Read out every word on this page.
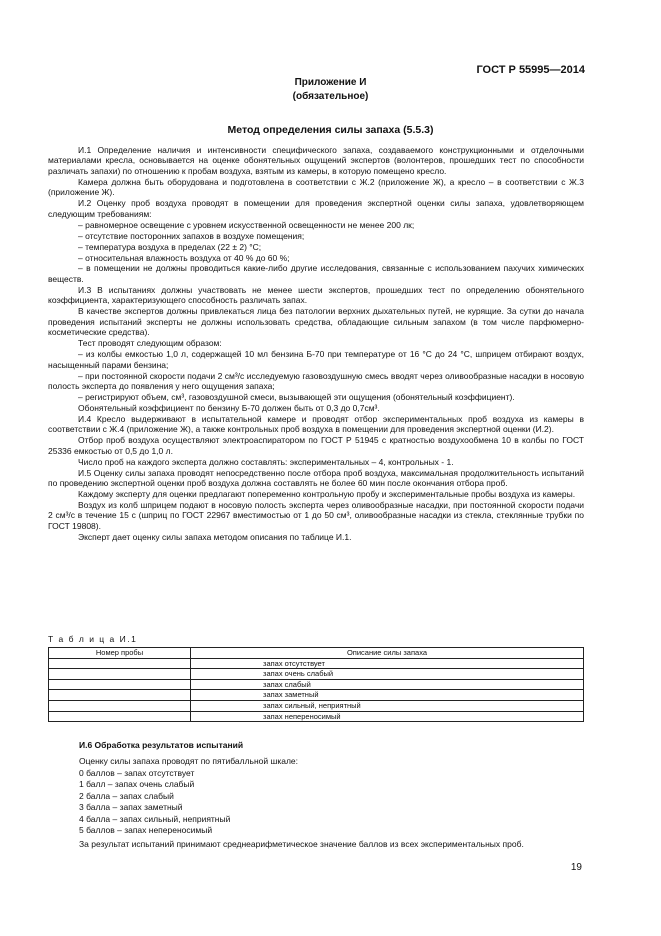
ГОСТ Р 55995—2014
Приложение И
(обязательное)
Метод определения силы запаха (5.5.3)

И.1 Определение наличия и интенсивности специфического запаха, создаваемого конструкционными и отделочными материалами кресла, основывается на оценке обонятельных ощущений экспертов (волонтеров, прошедших тест по способности различать запахи) по отношению к пробам воздуха, взятым из камеры, в которую помещено кресло.

Камера должна быть оборудована и подготовлена в соответствии с Ж.2 (приложение Ж), а кресло – в соответствии с Ж.3 (приложение Ж).

И.2 Оценку проб воздуха проводят в помещении для проведения экспертной оценки силы запаха, удовлетворяющем следующим требованиям:

– равномерное освещение с уровнем искусственной освещенности не менее 200 лк;

– отсутствие посторонних запахов в воздухе помещения;

– температура воздуха в пределах (22 ± 2) °С;

– относительная влажность воздуха от 40 % до 60 %;

– в помещении не должны проводиться какие-либо другие исследования, связанные с использованием пахучих химических веществ.

И.3 В испытаниях должны участвовать не менее шести экспертов, прошедших тест по определению обонятельного коэффициента, характеризующего способность различать запах.

В качестве экспертов должны привлекаться лица без патологии верхних дыхательных путей, не курящие. За сутки до начала проведения испытаний эксперты не должны использовать средства, обладающие сильным запахом (в том числе парфюмерно-косметические средства).

Тест проводят следующим образом:

– из колбы емкостью 1,0 л, содержащей 10 мл бензина Б-70 при температуре от 16 °С до 24 °С, шприцем отбирают воздух, насыщенный парами бензина;

– при постоянной скорости подачи 2 см³/с исследуемую газовоздушную смесь вводят через оливообразные насадки в носовую полость эксперта до появления у него ощущения запаха;

– регистрируют объем, см³, газовоздушной смеси, вызывающей эти ощущения (обонятельный коэффициент).

Обонятельный коэффициент по бензину Б-70 должен быть от 0,3 до 0,7см³.

И.4 Кресло выдерживают в испытательной камере и проводят отбор экспериментальных проб воздуха из камеры в соответствии с Ж.4 (приложение Ж), а также контрольных проб воздуха в помещении для проведения экспертной оценки (И.2).

Отбор проб воздуха осуществляют электроаспиратором по ГОСТ Р 51945 с кратностью воздухообмена 10 в колбы по ГОСТ 25336 емкостью от 0,5 до 1,0 л.

Число проб на каждого эксперта должно составлять: экспериментальных – 4, контрольных - 1.

И.5 Оценку силы запаха проводят непосредственно после отбора проб воздуха, максимальная продолжительность испытаний по проведению экспертной оценки проб воздуха должна составлять не более 60 мин после окончания отбора проб.

Каждому эксперту для оценки предлагают попеременно контрольную пробу и экспериментальные пробы воздуха из камеры.

Воздух из колб шприцем подают в носовую полость эксперта через оливообразные насадки, при постоянной скорости подачи 2 см³/с в течение 15 с (шприц по ГОСТ 22967 вместимостью от 1 до 50 см³, оливообразные насадки из стекла, стеклянные трубки по ГОСТ 19808).

Эксперт дает оценку силы запаха методом описания по таблице И.1.

Т а б л и ц а И.1
Номер пробы	Описание силы запаха
	запах отсутствует
	запах очень слабый
	запах слабый
	запах заметный
	запах сильный, неприятный
	запах непереносимый
И.6 Обработка результатов испытаний
Оценку силы запаха проводят по пятибалльной шкале:
0 баллов – запах отсутствует
1 балл – запах очень слабый
2 балла – запах слабый
3 балла – запах заметный
4 балла – запах сильный, неприятный
5 баллов – запах непереносимый
За результат испытаний принимают среднеарифметическое значение баллов из всех экспериментальных проб.
19
